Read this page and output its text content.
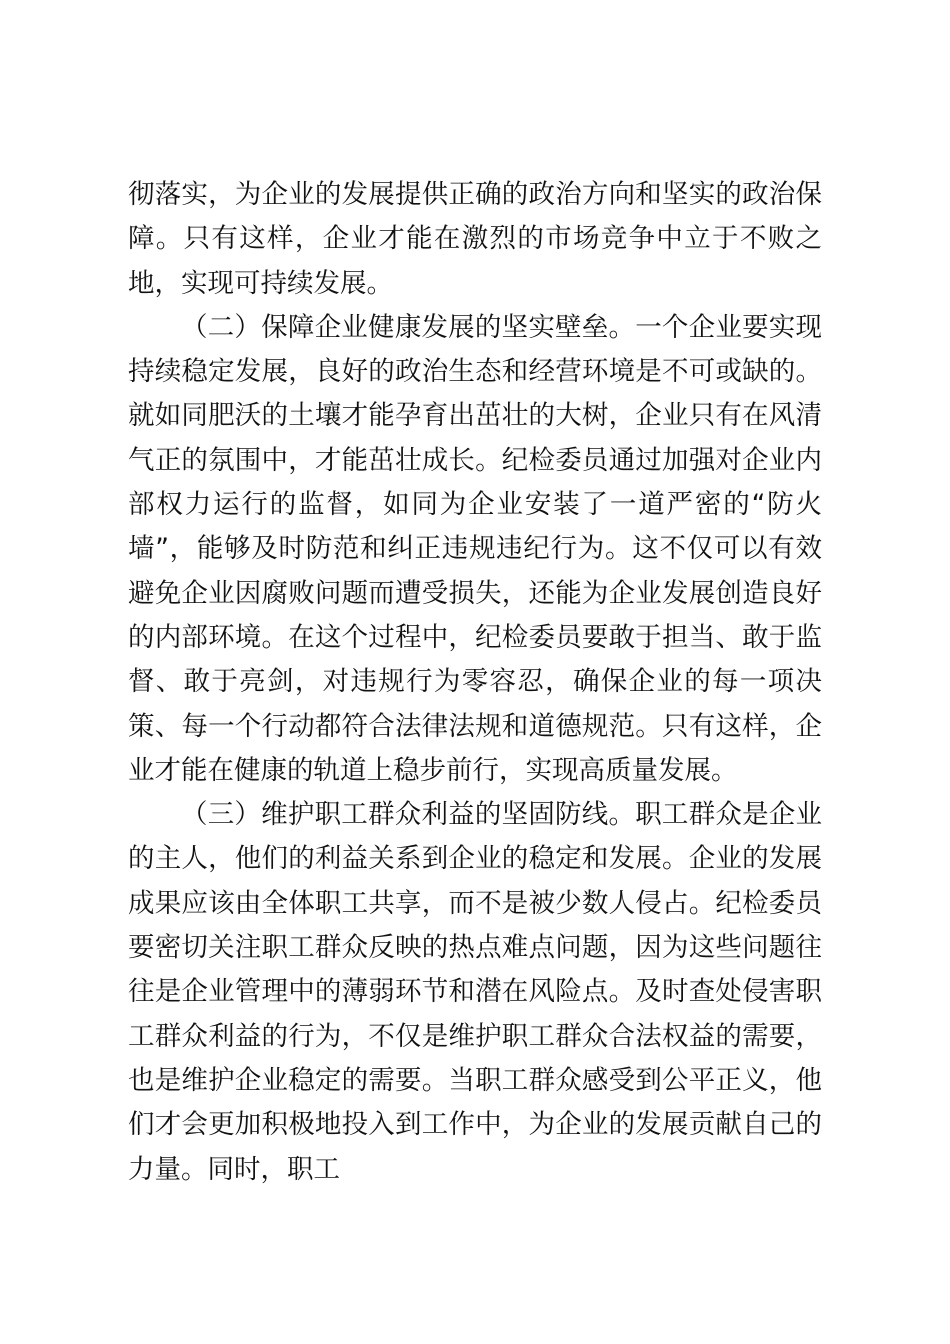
彻落实，为企业的发展提供正确的政治方向和坚实的政治保障。只有这样，企业才能在激烈的市场竞争中立于不败之地，实现可持续发展。

（二）保障企业健康发展的坚实壁垒。一个企业要实现持续稳定发展，良好的政治生态和经营环境是不可或缺的。就如同肥沃的土壤才能孕育出茁壮的大树，企业只有在风清气正的氛围中，才能茁壮成长。纪检委员通过加强对企业内部权力运行的监督，如同为企业安装了一道严密的“防火墙”，能够及时防范和纠正违规违纪行为。这不仅可以有效避免企业因腐败问题而遭受损失，还能为企业发展创造良好的内部环境。在这个过程中，纪检委员要敢于担当、敢于监督、敢于亮剑，对违规行为零容忍，确保企业的每一项决策、每一个行动都符合法律法规和道德规范。只有这样，企业才能在健康的轨道上稳步前行，实现高质量发展。

（三）维护职工群众利益的坚固防线。职工群众是企业的主人，他们的利益关系到企业的稳定和发展。企业的发展成果应该由全体职工共享，而不是被少数人侵占。纪检委员要密切关注职工群众反映的热点难点问题，因为这些问题往往是企业管理中的薄弱环节和潜在风险点。及时查处侵害职工群众利益的行为，不仅是维护职工群众合法权益的需要，也是维护企业稳定的需要。当职工群众感受到公平正义，他们才会更加积极地投入到工作中，为企业的发展贡献自己的力量。同时，职工
